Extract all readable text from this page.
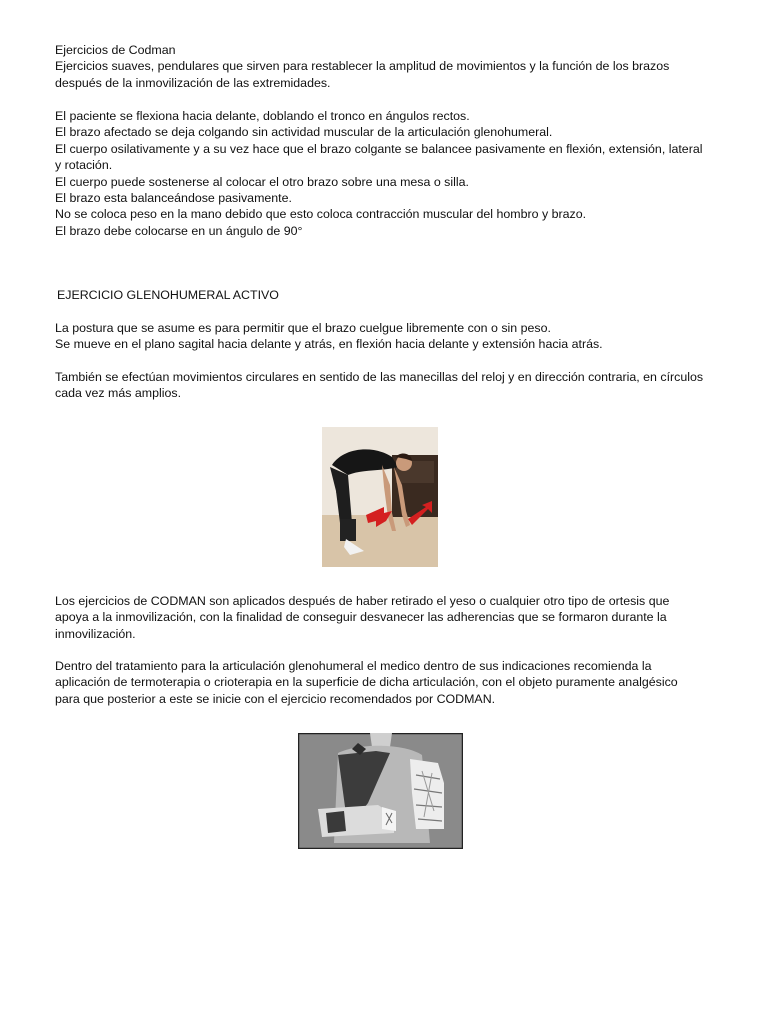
Ejercicios de Codman

Ejercicios suaves, pendulares que sirven para restablecer la amplitud de movimientos y la función de los brazos después de la inmovilización de las extremidades.

El paciente se flexiona hacia delante, doblando el tronco en ángulos rectos.

El brazo afectado se deja colgando sin actividad muscular de la articulación glenohumeral.

El cuerpo osilativamente y a su vez hace que el brazo colgante se balancee pasivamente en flexión, extensión, lateral y rotación.

El cuerpo puede sostenerse al colocar el otro brazo sobre una mesa o silla.

El brazo esta balanceándose pasivamente.

No se coloca peso en la mano debido que esto coloca contracción muscular del hombro y brazo.

El brazo debe colocarse en un ángulo de 90°

EJERCICIO GLENOHUMERAL ACTIVO

La postura que se asume es para permitir que el brazo cuelgue libremente con o sin peso.

Se mueve en el plano sagital hacia delante y atrás, en flexión hacia delante y extensión hacia atrás.

También se efectúan movimientos circulares en sentido de las manecillas del reloj y en dirección contraria, en círculos cada vez más amplios.

Los ejercicios de CODMAN son aplicados después de haber retirado el yeso o cualquier otro tipo de ortesis que apoya a la inmovilización, con la finalidad de conseguir desvanecer las adherencias que se formaron durante la inmovilización.

Dentro del tratamiento para la articulación glenohumeral el medico dentro de sus indicaciones recomienda la aplicación de termoterapia o crioterapia en la superficie de dicha articulación, con el objeto puramente analgésico para que posterior a este se inicie con el ejercicio recomendados por CODMAN.
